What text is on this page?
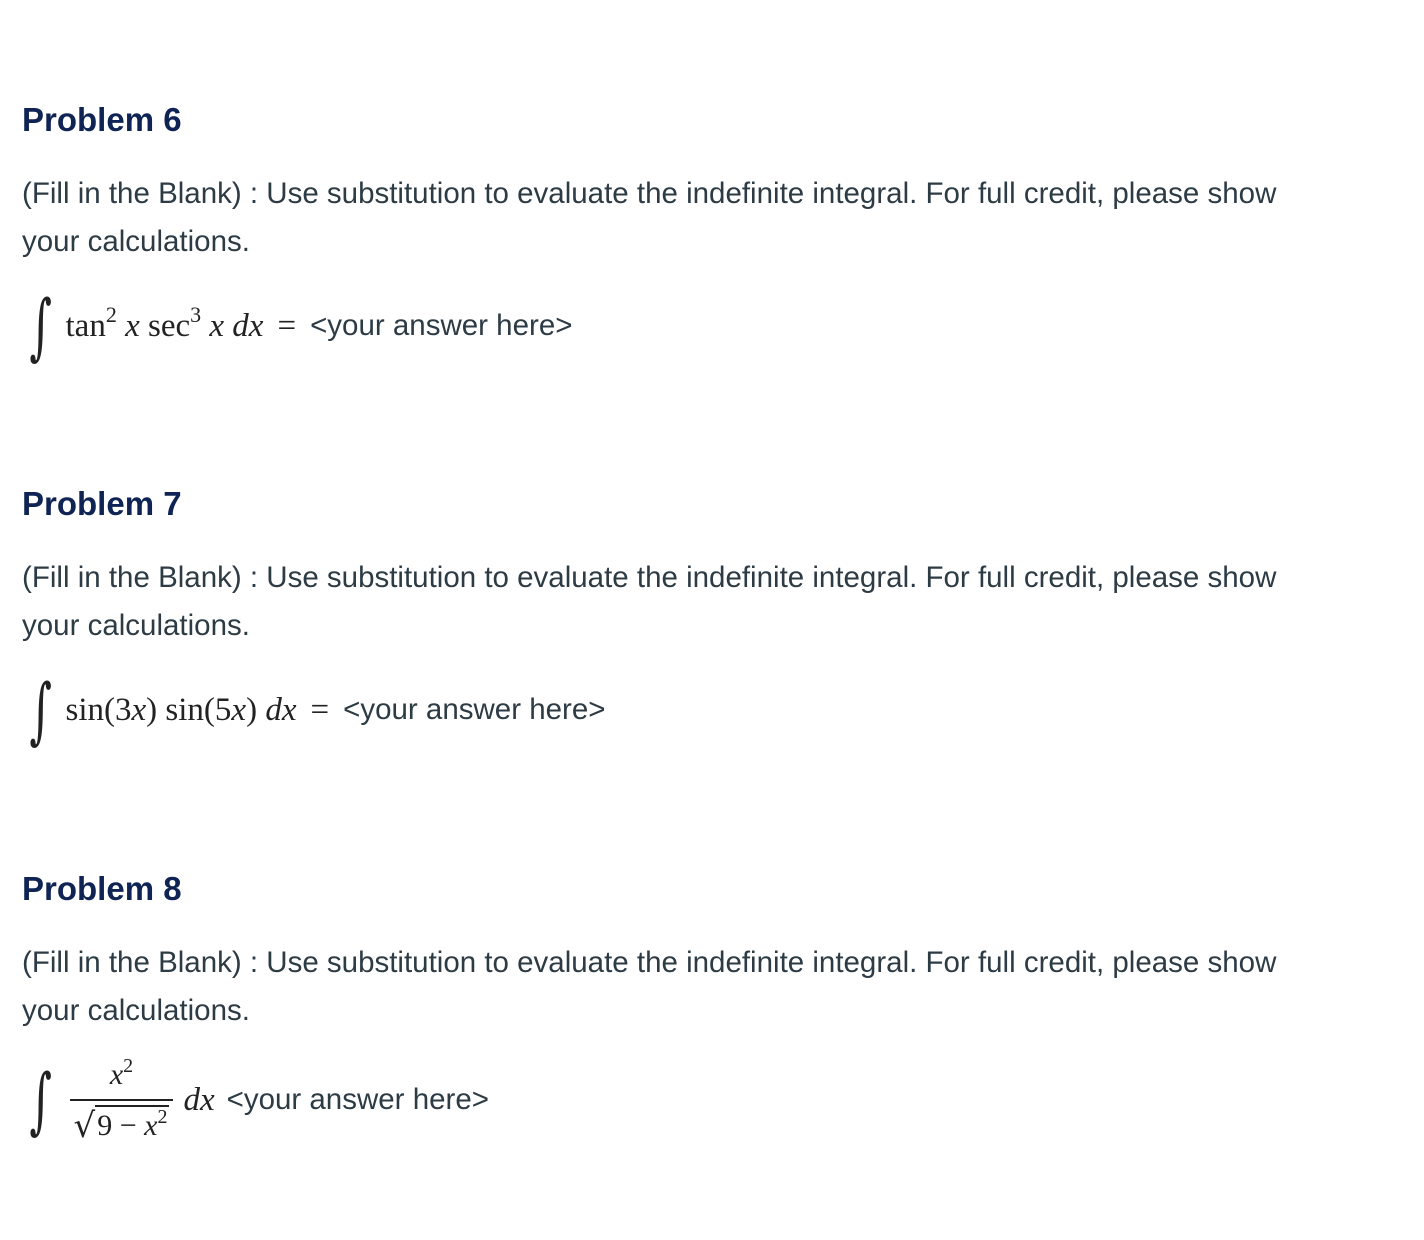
Problem 6

(Fill in the Blank) : Use substitution to evaluate the indefinite integral. For full credit, please show
your calculations.

∫ $\tan^2 x$ $\sec^3 x$ dx = <your answer here>
Problem 7

(Fill in the Blank) : Use substitution to evaluate the indefinite integral. For full credit, please show
your calculations.

∫ sin(3x) sin(5x) dx = <your answer here>
Problem 8

(Fill in the Blank) : Use substitution to evaluate the indefinite integral. For full credit, please show
your calculations.

∫ $\frac{x^2}{√ 9 - x^2}$ dx <your answer here>
